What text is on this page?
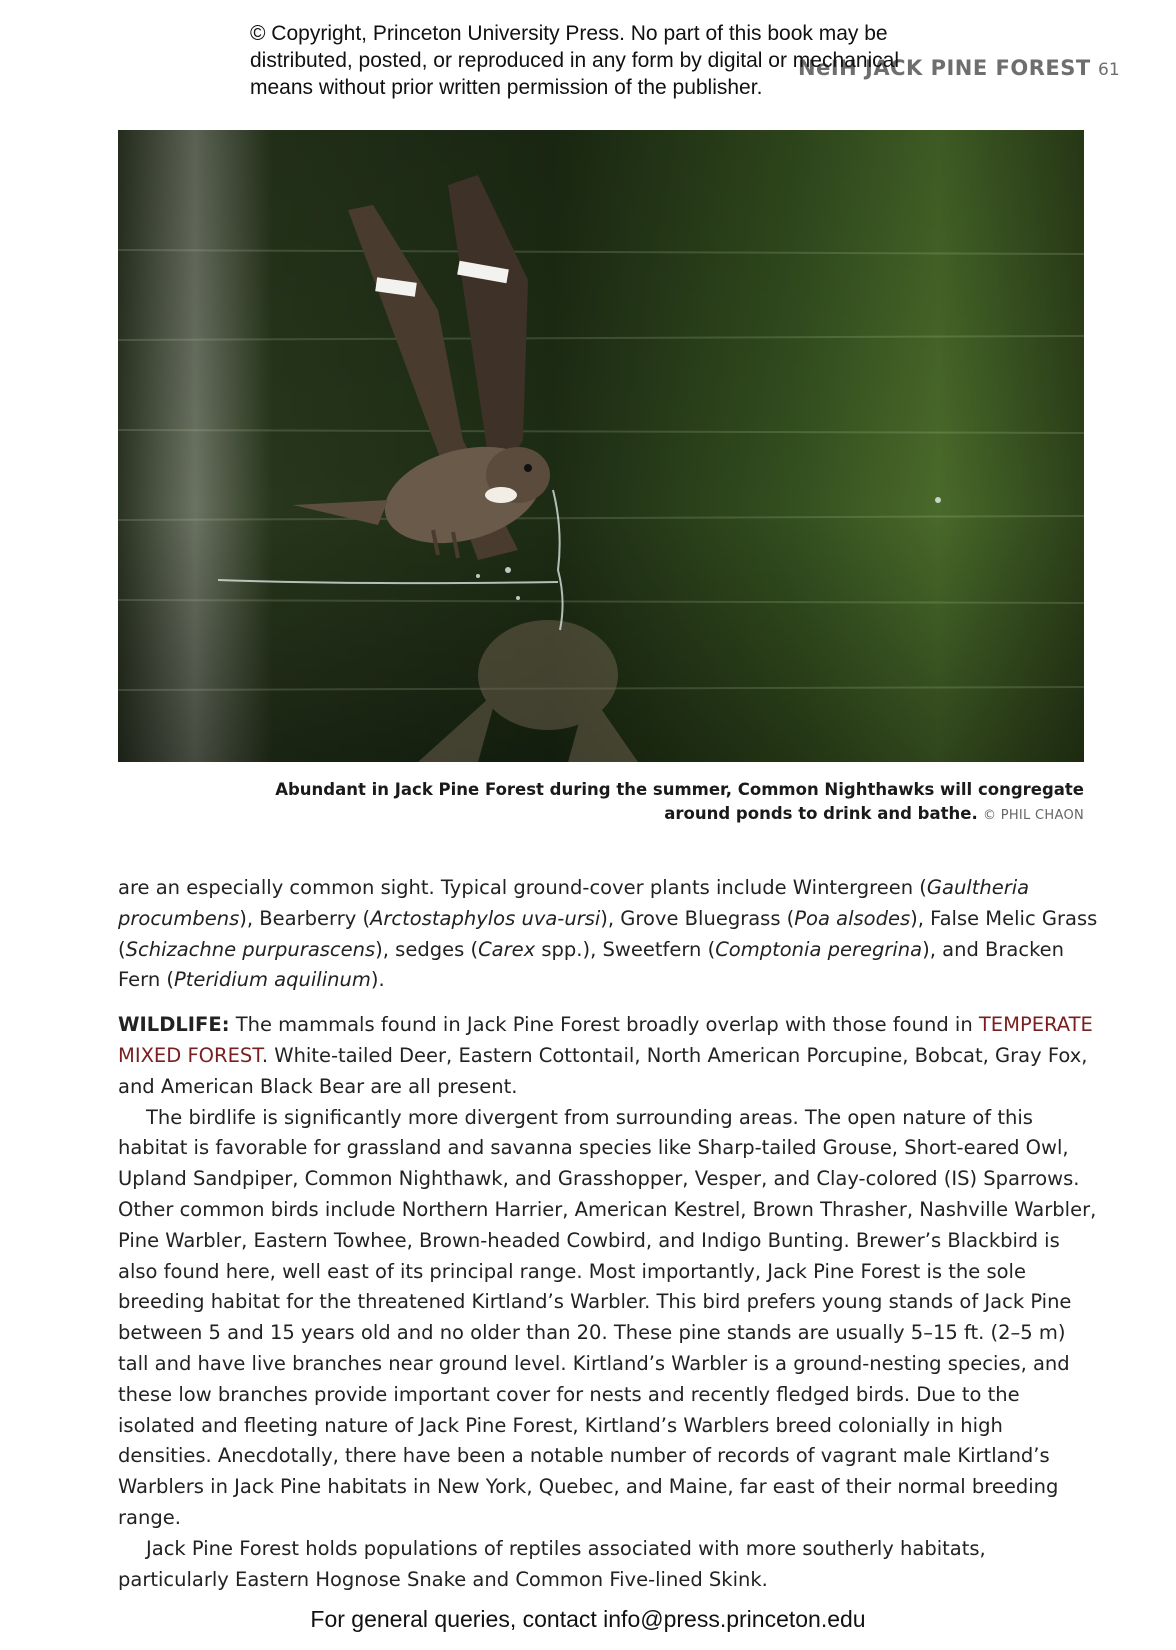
© Copyright, Princeton University Press. No part of this book may be
distributed, posted, or reproduced in any form by digital or mechanical
means without prior written permission of the publisher.
NeIH JACK PINE FOREST 61
Abundant in Jack Pine Forest during the summer, Common Nighthawks will congregate
around ponds to drink and bathe. © PHIL CHAON

are an especially common sight. Typical ground-cover plants include Wintergreen (Gaultheria procumbens), Bearberry (Arctostaphylos uva-ursi), Grove Bluegrass (Poa alsodes), False Melic Grass (Schizachne purpurascens), sedges (Carex spp.), Sweetfern (Comptonia peregrina), and Bracken Fern (Pteridium aquilinum).

WILDLIFE: The mammals found in Jack Pine Forest broadly overlap with those found in TEMPERATE MIXED FOREST. White-tailed Deer, Eastern Cottontail, North American Porcupine, Bobcat, Gray Fox, and American Black Bear are all present.

The birdlife is significantly more divergent from surrounding areas. The open nature of this habitat is favorable for grassland and savanna species like Sharp-tailed Grouse, Short-eared Owl, Upland Sandpiper, Common Nighthawk, and Grasshopper, Vesper, and Clay-colored (IS) Sparrows. Other common birds include Northern Harrier, American Kestrel, Brown Thrasher, Nashville Warbler, Pine Warbler, Eastern Towhee, Brown-headed Cowbird, and Indigo Bunting. Brewer’s Blackbird is also found here, well east of its principal range. Most importantly, Jack Pine Forest is the sole breeding habitat for the threatened Kirtland’s Warbler. This bird prefers young stands of Jack Pine between 5 and 15 years old and no older than 20. These pine stands are usually 5–15 ft. (2–5 m) tall and have live branches near ground level. Kirtland’s Warbler is a ground-nesting species, and these low branches provide important cover for nests and recently fledged birds. Due to the isolated and fleeting nature of Jack Pine Forest, Kirtland’s Warblers breed colonially in high densities. Anecdotally, there have been a notable number of records of vagrant male Kirtland’s Warblers in Jack Pine habitats in New York, Quebec, and Maine, far east of their normal breeding range.

Jack Pine Forest holds populations of reptiles associated with more southerly habitats, particularly Eastern Hognose Snake and Common Five-lined Skink.

For general queries, contact info@press.princeton.edu
